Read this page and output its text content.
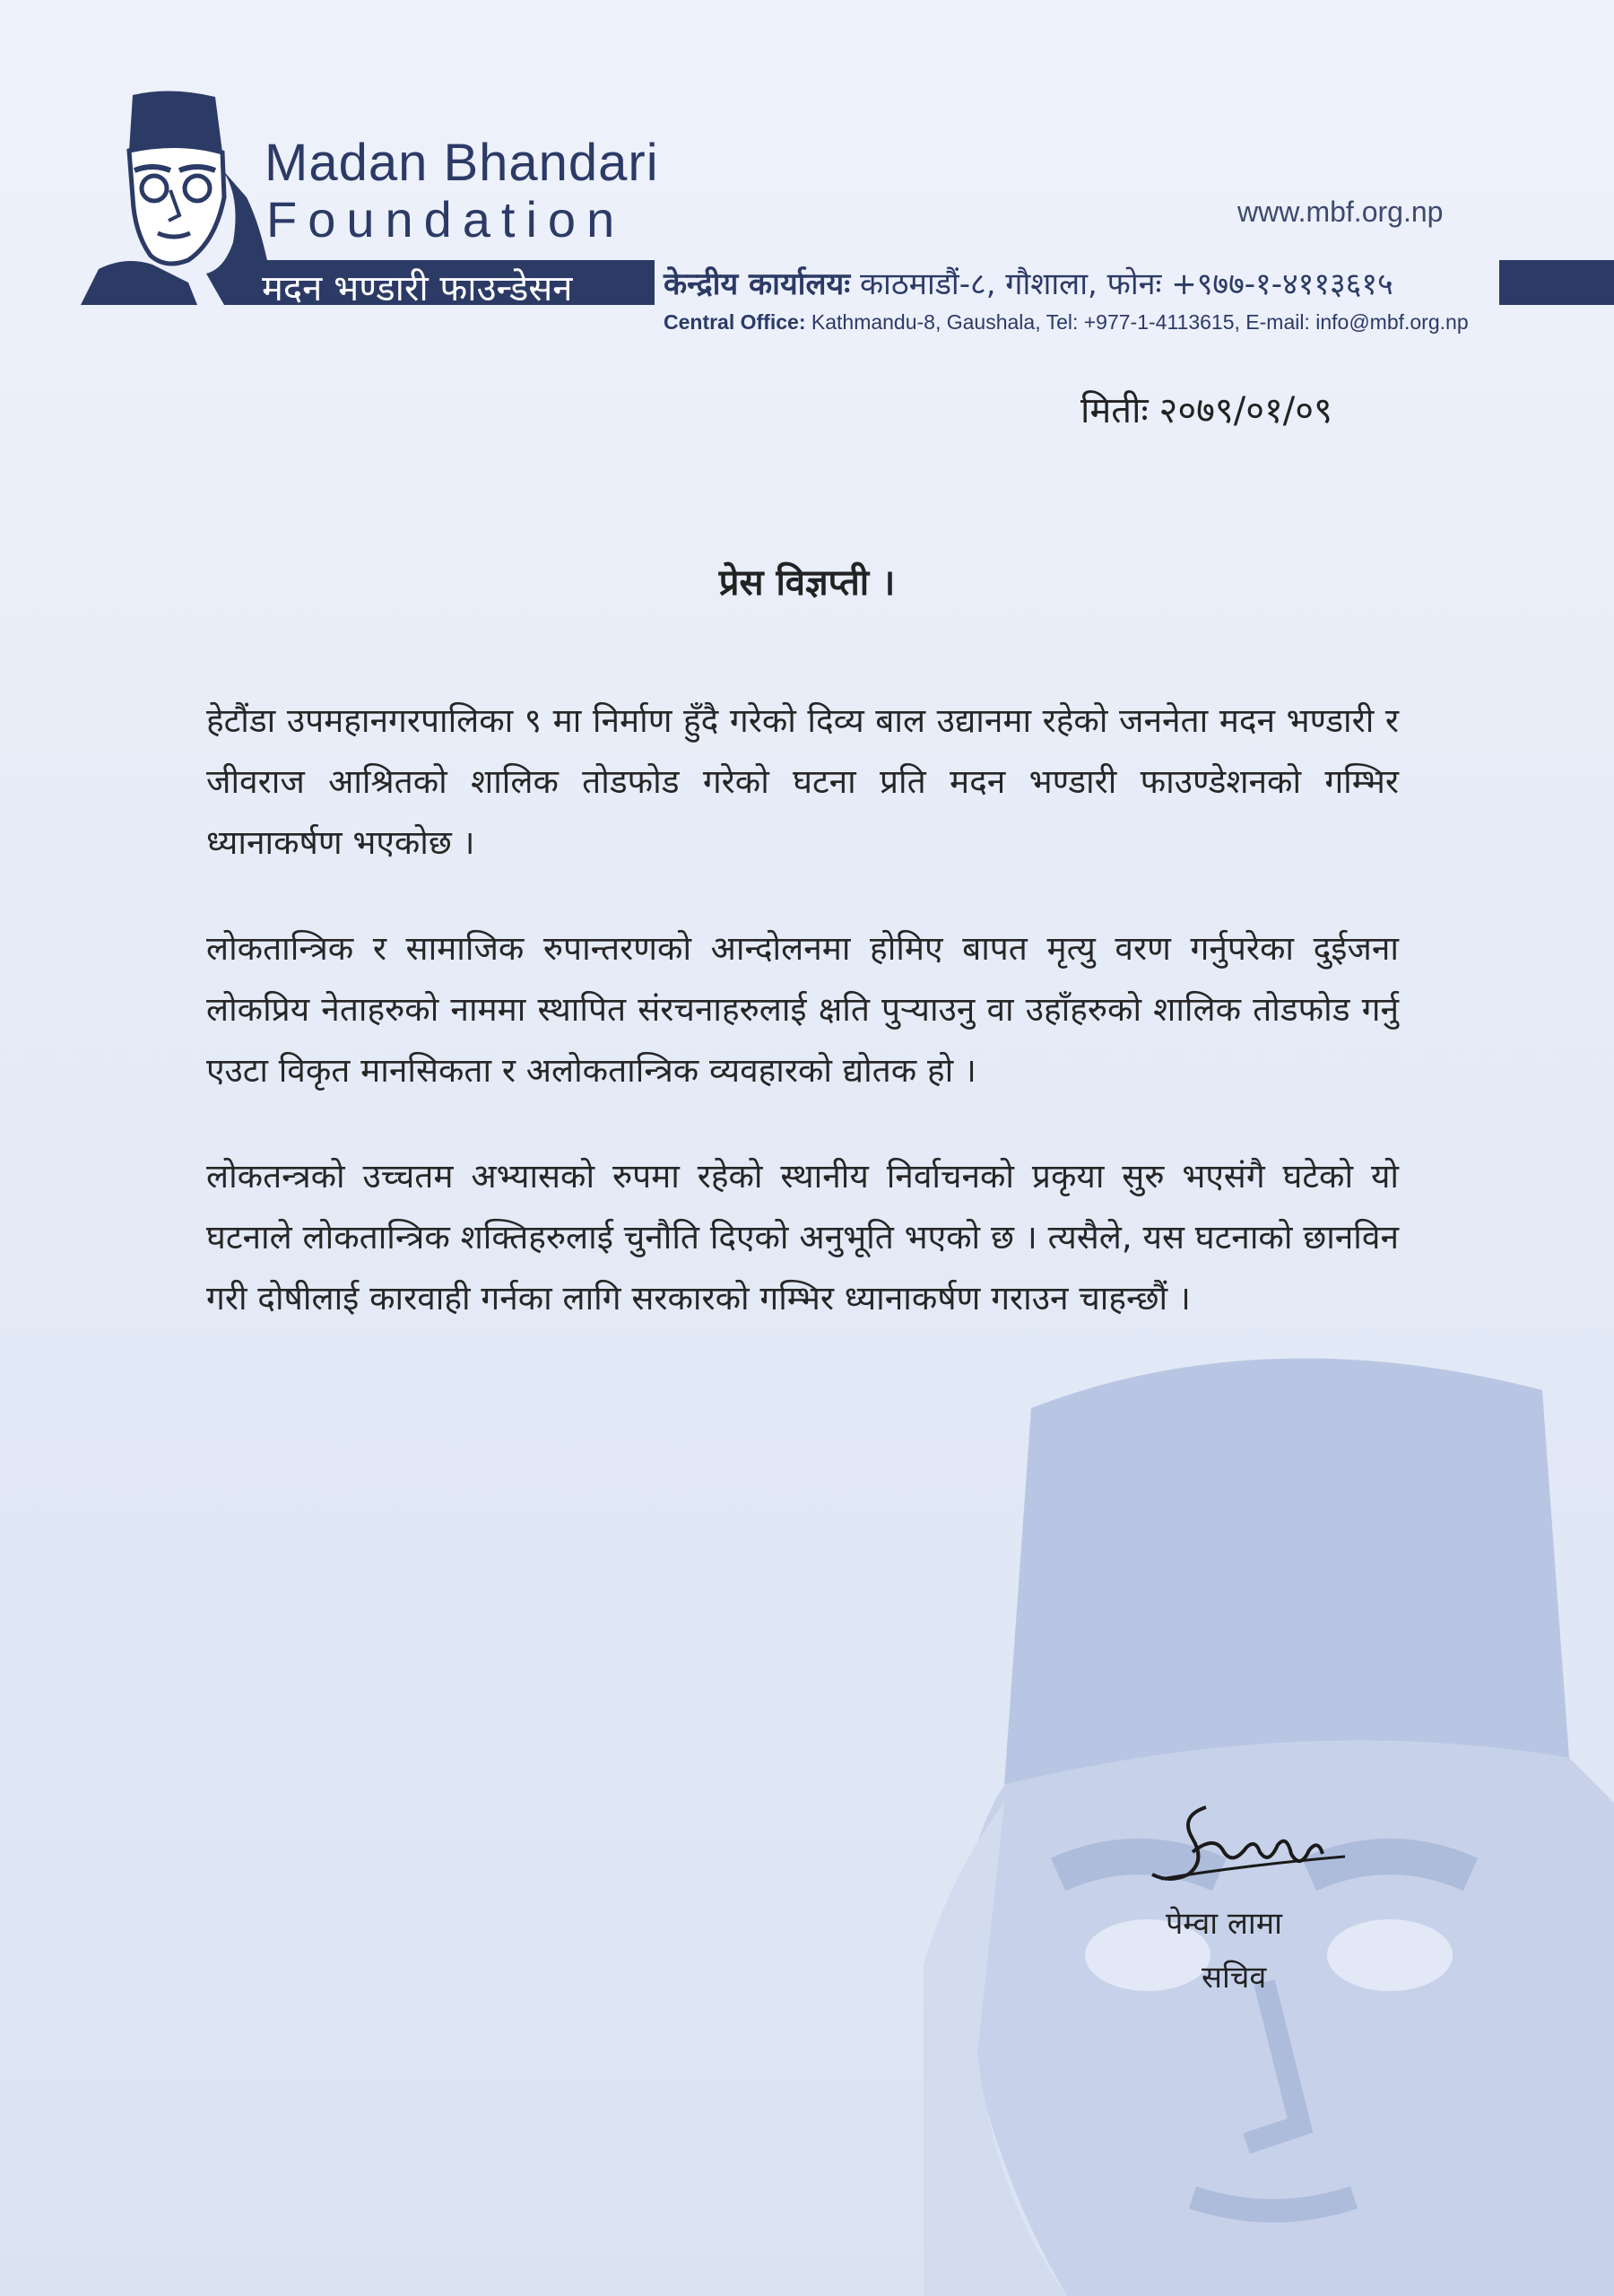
Madan Bhandari
Foundation	www.mbf.org.np
मदन भण्डारी फाउन्डेसन	केन्द्रीय कार्यालयः काठमाडौं-८, गौशाला, फोनः +९७७-१-४११३६१५
Central Office: Kathmandu-8, Gaushala, Tel: +977-1-4113615, E-mail: info@mbf.org.np
मितीः २०७९/०१/०९
प्रेस विज्ञप्ती ।

हेटौंडा उपमहानगरपालिका ९ मा निर्माण हुँदै गरेको दिव्य बाल उद्यानमा रहेको जननेता मदन भण्डारी र जीवराज आश्रितको शालिक तोडफोड गरेको घटना प्रति मदन भण्डारी फाउण्डेशनको गम्भिर ध्यानाकर्षण भएकोछ ।

लोकतान्त्रिक र सामाजिक रुपान्तरणको आन्दोलनमा होमिए बापत मृत्यु वरण गर्नुपरेका दुईजना लोकप्रिय नेताहरुको नाममा स्थापित संरचनाहरुलाई क्षति पुऱ्याउनु वा उहाँहरुको शालिक तोडफोड गर्नु एउटा विकृत मानसिकता र अलोकतान्त्रिक व्यवहारको द्योतक हो ।

लोकतन्त्रको उच्चतम अभ्यासको रुपमा रहेको स्थानीय निर्वाचनको प्रकृया सुरु भएसंगै घटेको यो घटनाले लोकतान्त्रिक शक्तिहरुलाई चुनौति दिएको अनुभूति भएको छ । त्यसैले, यस घटनाको छानविन गरी दोषीलाई कारवाही गर्नका लागि सरकारको गम्भिर ध्यानाकर्षण गराउन चाहन्छौं ।

पेम्वा लामा
सचिव
